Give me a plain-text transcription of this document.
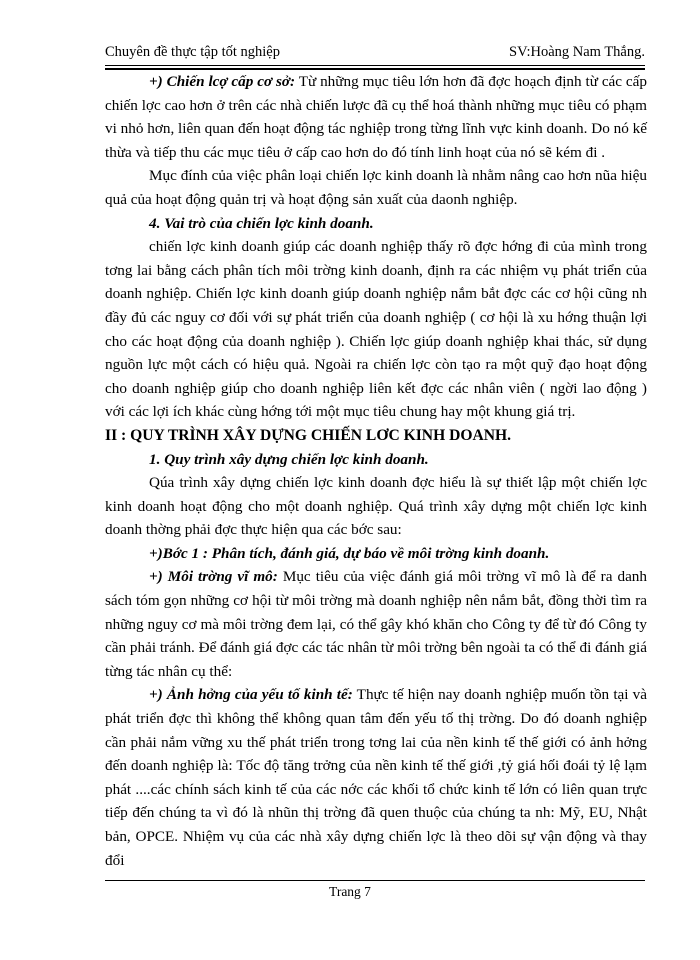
Chuyên đề thực tập tốt nghiệp	SV:Hoàng Nam Thắng.

+) Chiến lcợ cấp cơ sở: Từ những mục tiêu lớn hơn đã đợc hoạch định từ các cấp chiến lợc cao hơn ở trên các nhà chiến lược đã cụ thể hoá thành những mục tiêu có phạm vi nhỏ hơn, liên quan đến hoạt động tác nghiệp trong từng lĩnh vực kinh doanh. Do nó kế thừa và tiếp thu các mục tiêu ở cấp cao hơn do đó tính linh hoạt của nó sẽ kém đi .

Mục đính của việc phân loại chiến lợc kinh doanh là nhằm nâng cao hơn nũa hiệu quả của hoạt động quản trị và hoạt động sản xuất của daonh nghiệp.

4. Vai trò của chiến lợc kinh doanh.

chiến lợc kinh doanh giúp các doanh nghiệp thấy rõ đợc hớng đi của mình trong tơng lai bằng cách phân tích môi trờng kinh doanh, định ra các nhiệm vụ phát triển của doanh nghiệp. Chiến lợc kinh doanh giúp doanh nghiệp nắm bắt đợc các cơ hội cũng nh đầy đủ các nguy cơ đối với sự phát triển của doanh nghiệp ( cơ hội là xu hớng thuận lợi cho các hoạt động của doanh nghiệp ). Chiến lợc giúp doanh nghiệp khai thác, sử dụng nguồn lực một cách có hiệu quả. Ngoài ra chiến lợc còn tạo ra một quỹ đạo hoạt động cho doanh nghiệp giúp cho doanh nghiệp liên kết đợc các nhân viên ( ngời lao động ) với các lợi ích khác cùng hớng tới một mục tiêu chung hay một khung giá trị.

II : QUY TRÌNH XÂY DỰNG CHIẾN LƠC KINH DOANH.

1. Quy trình xây dựng chiến lợc kinh doanh.

Qúa trình xây dựng chiến lợc kinh doanh đợc hiểu là sự thiết lập một chiến lợc kinh doanh hoạt động cho một doanh nghiệp. Quá trình xây dựng một chiến lợc kinh doanh thờng phải đợc thực hiện qua các bớc sau:

+)Bớc 1 : Phân tích, đánh giá, dự báo về môi trờng kinh doanh.

+) Môi trờng vĩ mô: Mục tiêu của việc đánh giá môi trờng vĩ mô là để ra danh sách tóm gọn những cơ hội từ môi trờng mà doanh nghiệp nên nắm bắt, đồng thời tìm ra những nguy cơ mà môi trờng đem lại, có thể gây khó khăn cho Công ty để từ đó Công ty cần phải tránh. Để đánh giá đợc các tác nhân từ môi trờng bên ngoài ta có thể đi đánh giá từng tác nhân cụ thể:

+) Ảnh hởng của yếu tố kinh tế: Thực tế hiện nay doanh nghiệp muốn tồn tại và phát triển đợc thì không thể không quan tâm đến yếu tố thị trờng. Do đó doanh nghiệp cần phải nắm vững xu thế phát triển trong tơng lai của nền kinh tế thế giới có ảnh hởng đến doanh nghiệp là: Tốc độ tăng trởng của nền kinh tế thế giới ,tỷ giá hối đoái tỷ lệ lạm phát ....các chính sách kinh tế của các nớc các khối tổ chức kinh tế lớn có liên quan trực tiếp đến chúng ta vì đó là nhũn thị trờng đã quen thuộc của chúng ta nh: Mỹ, EU, Nhật bản, OPCE. Nhiệm vụ của các nhà xây dựng chiến lợc là theo dõi sự vận động và thay đổi

Trang 7
